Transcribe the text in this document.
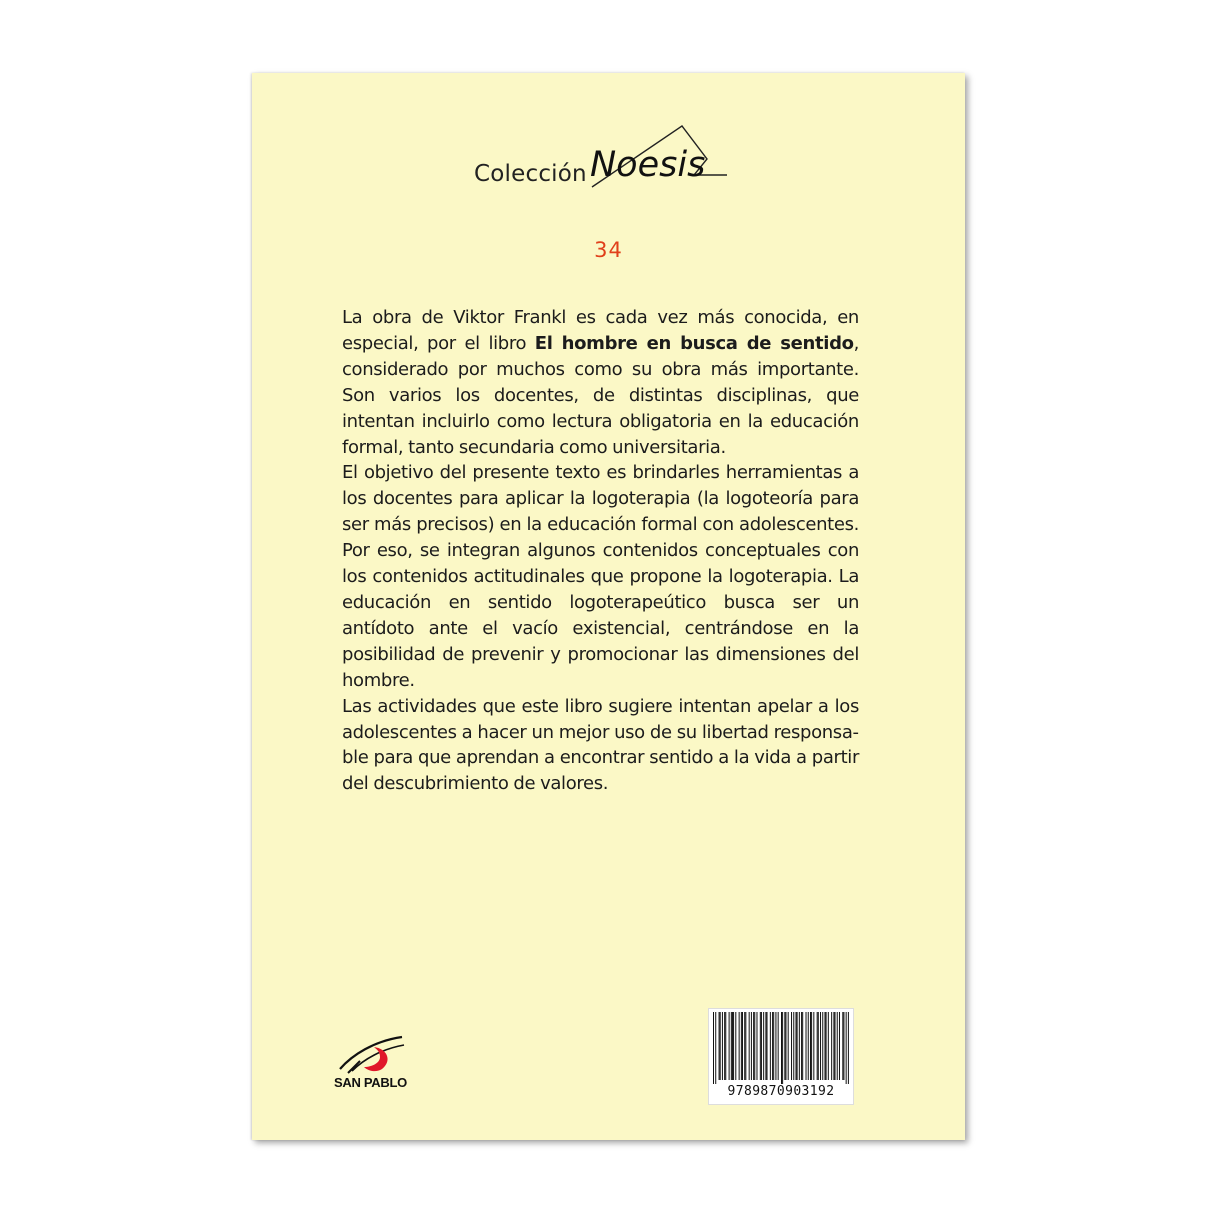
Colección Noesis
34

La obra de Viktor Frankl es cada vez más conocida, en especial, por el libro El hombre en busca de sentido, considerado por muchos como su obra más importante. Son varios los docentes, de distintas disciplinas, que intentan incluirlo como lectura obligatoria en la educación formal, tanto secundaria como universitaria.

El objetivo del presente texto es brindarles herramientas a los docentes para aplicar la logoterapia (la logoteoría para ser más precisos) en la educación formal con adolescentes. Por eso, se integran algunos contenidos conceptuales con los contenidos actitudinales que propone la logoterapia. La educación en sentido logoterapeútico busca ser un antídoto ante el vacío existencial, centrándose en la posibilidad de prevenir y promocionar las dimensiones del hombre.

Las actividades que este libro sugiere intentan apelar a los adolescentes a hacer un mejor uso de su libertad responsable para que aprendan a encontrar sentido a la vida a partir del descubrimiento de valores.

SAN PABLO
9789870903192
